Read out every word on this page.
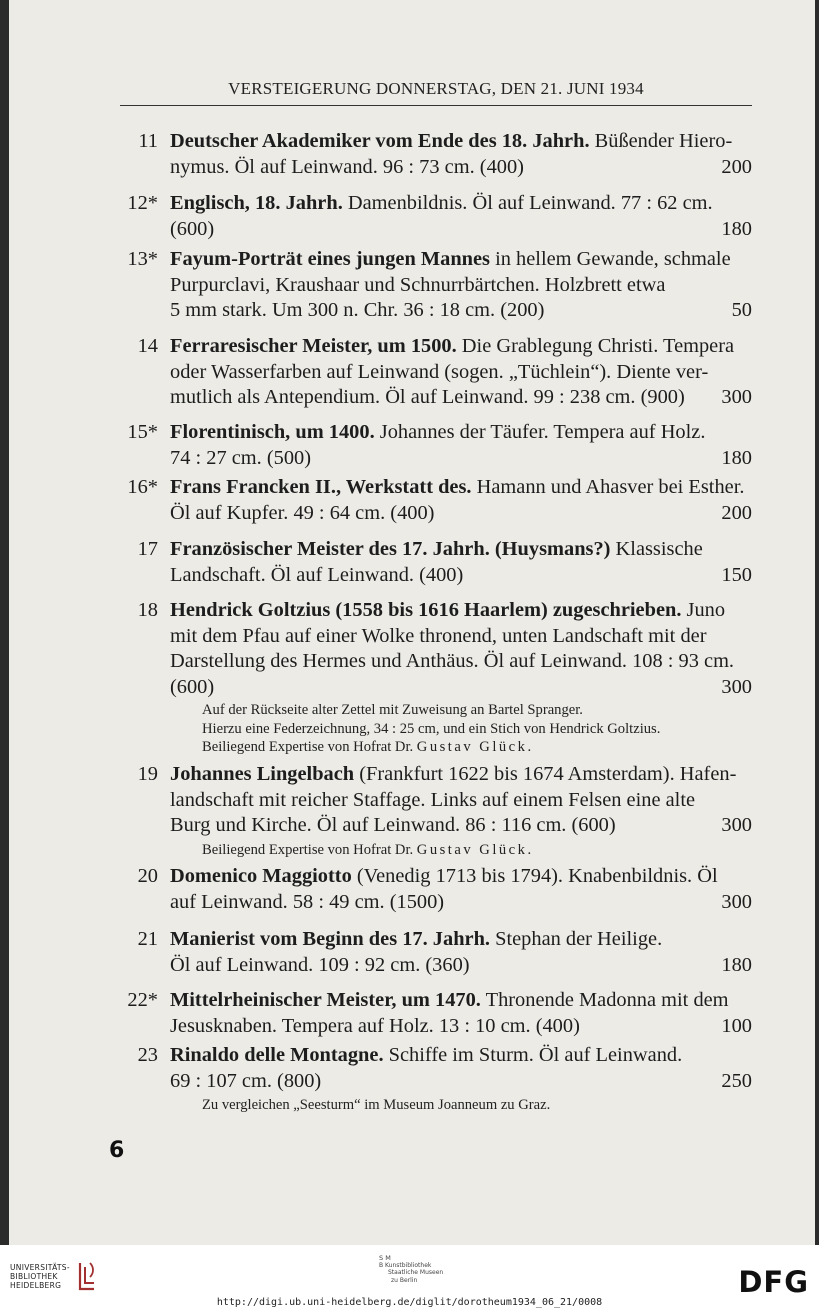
VERSTEIGERUNG DONNERSTAG, DEN 21. JUNI 1934
11 Deutscher Akademiker vom Ende des 18. Jahrh. Büßender Hiero-
nymus. Öl auf Leinwand. 96 : 73 cm. (400)	200
12* Englisch, 18. Jahrh. Damenbildnis. Öl auf Leinwand. 77 : 62 cm.
(600)	180
13* Fayum-Porträt eines jungen Mannes in hellem Gewande, schmale
Purpurclavi, Kraushaar und Schnurrbärtchen. Holzbrett etwa
5 mm stark. Um 300 n. Chr. 36 : 18 cm. (200)	50
14 Ferraresischer Meister, um 1500. Die Grablegung Christi. Tempera
oder Wasserfarben auf Leinwand (sogen. „Tüchlein“). Diente ver-
mutlich als Antependium. Öl auf Leinwand. 99 : 238 cm. (900) 300
15* Florentinisch, um 1400. Johannes der Täufer. Tempera auf Holz.
74 : 27 cm. (500)	180
16* Frans Francken II., Werkstatt des. Hamann und Ahasver bei Esther.
Öl auf Kupfer. 49 : 64 cm. (400)	200
17 Französischer Meister des 17. Jahrh. (Huysmans?) Klassische
Landschaft. Öl auf Leinwand. (400)	150
18 Hendrick Goltzius (1558 bis 1616 Haarlem) zugeschrieben. Juno
mit dem Pfau auf einer Wolke thronend, unten Landschaft mit der
Darstellung des Hermes und Anthäus. Öl auf Leinwand. 108 : 93 cm.
(600)	300
Auf der Rückseite alter Zettel mit Zuweisung an Bartel Spranger.
Hierzu eine Federzeichnung, 34 : 25 cm, und ein Stich von Hendrick Goltzius.
Beiliegend Expertise von Hofrat Dr. Gustav Glück.
19 Johannes Lingelbach (Frankfurt 1622 bis 1674 Amsterdam). Hafen-
landschaft mit reicher Staffage. Links auf einem Felsen eine alte
Burg und Kirche. Öl auf Leinwand. 86 : 116 cm. (600)	300
Beiliegend Expertise von Hofrat Dr. Gustav Glück.
20 Domenico Maggiotto (Venedig 1713 bis 1794). Knabenbildnis. Öl
auf Leinwand. 58 : 49 cm. (1500)	300
21 Manierist vom Beginn des 17. Jahrh. Stephan der Heilige.
Öl auf Leinwand. 109 : 92 cm. (360)	180
22* Mittelrheinischer Meister, um 1470. Thronende Madonna mit dem
Jesusknaben. Tempera auf Holz. 13 : 10 cm. (400)	100
23 Rinaldo delle Montagne. Schiffe im Sturm. Öl auf Leinwand.
69 : 107 cm. (800)	250
Zu vergleichen „Seesturm“ im Museum Joanneum zu Graz.
6
UNIVERSITÄTS-
BIBLIOTHEK
HEIDELBERG
S M
B Kunstbibliothek
Staatliche Museen
zu Berlin	DFG
http://digi.ub.uni-heidelberg.de/diglit/dorotheum1934_06_21/0008
